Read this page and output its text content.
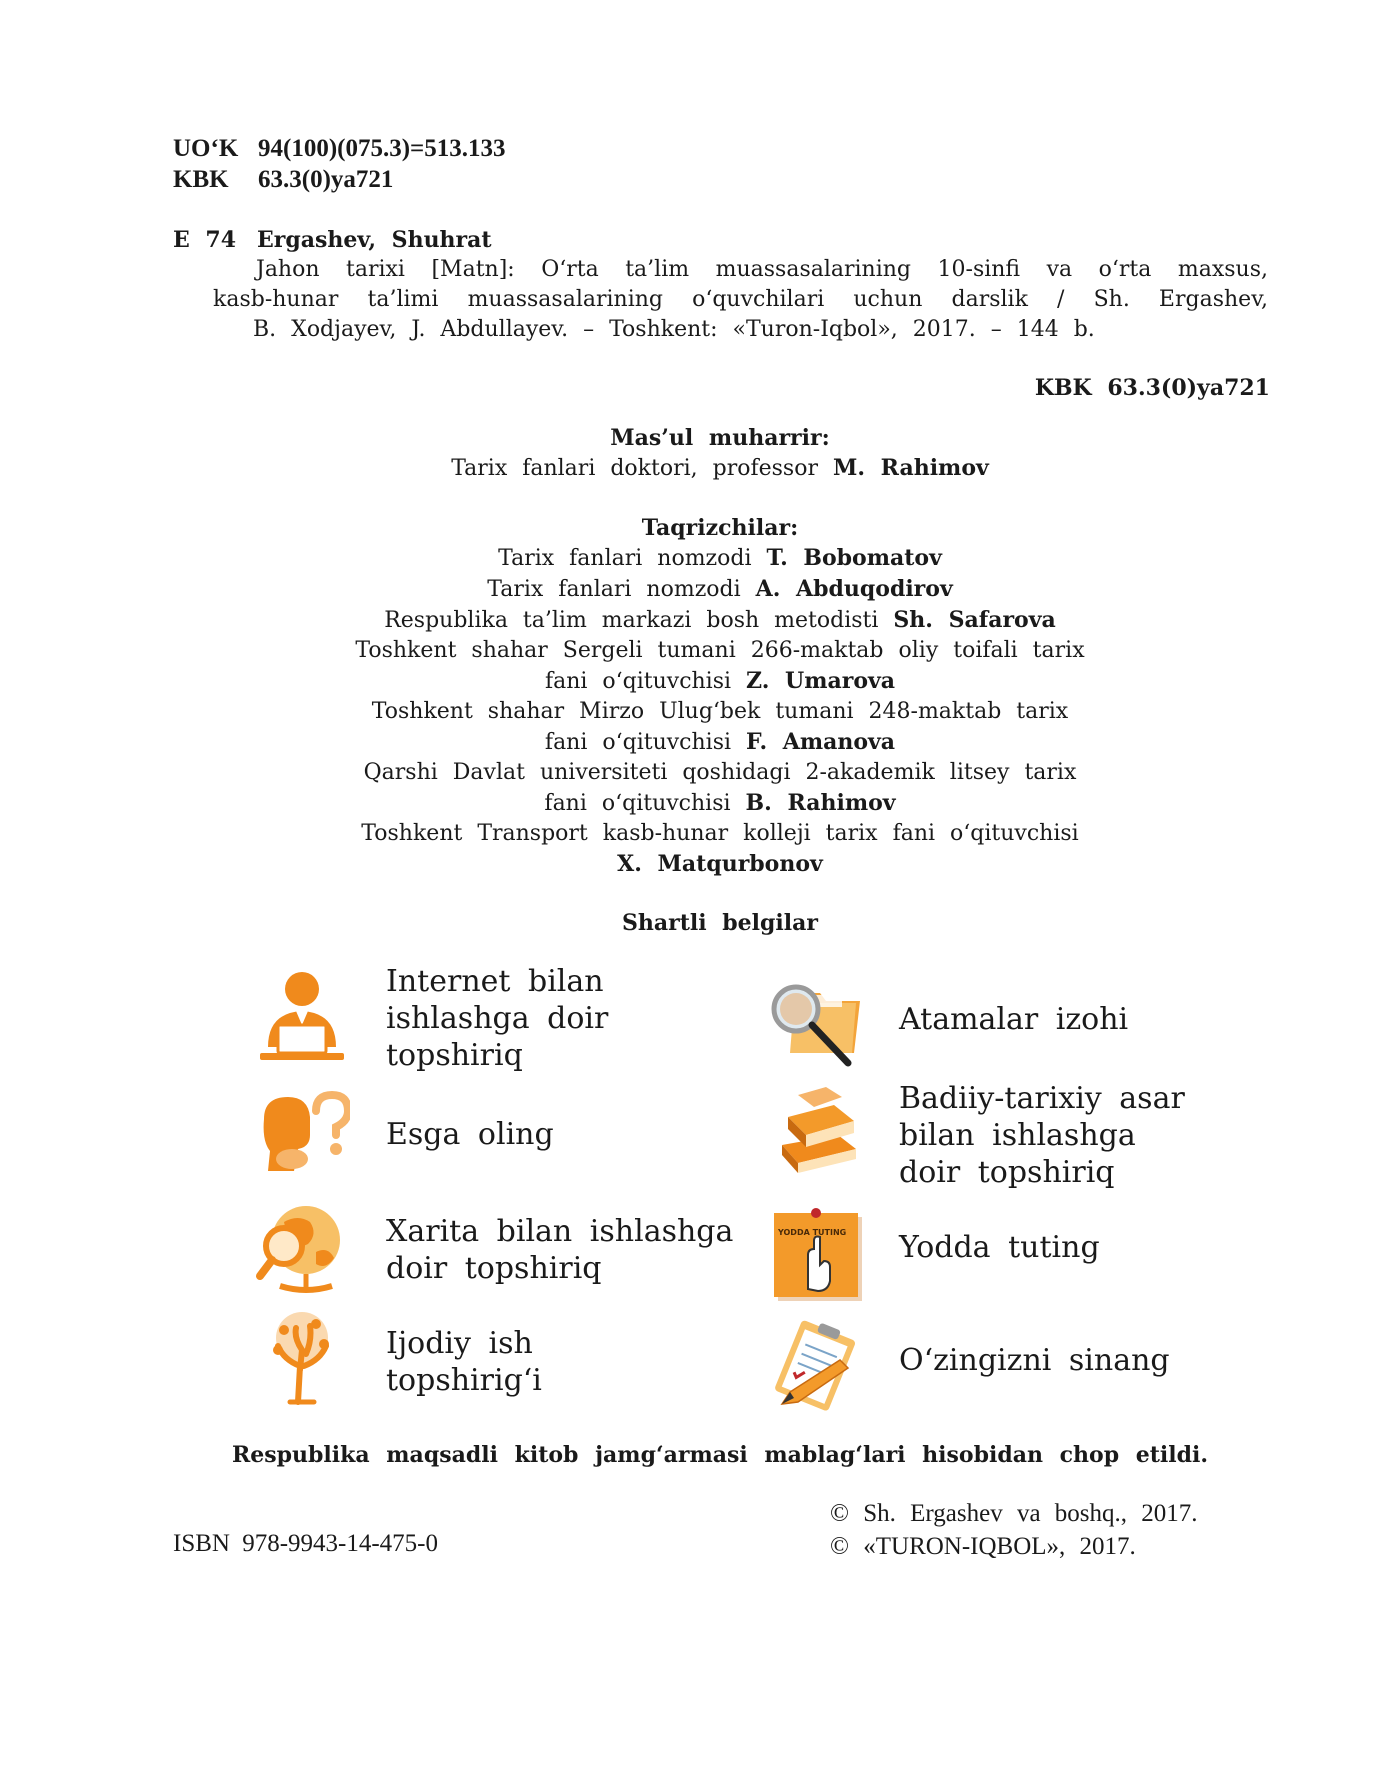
UO‘K 94(100)(075.3)=513.133
KBK 63.3(0)ya721
E 74 Ergashev, Shuhrat
Jahon tarixi [Matn]: O‘rta ta’lim muassasalarining 10-sinfi va o‘rta maxsus,
kasb-hunar ta’limi muassasalarining o‘quvchilari uchun darslik / Sh. Ergashev,
B. Xodjayev, J. Abdullayev. – Toshkent: «Turon-Iqbol», 2017. – 144 b.
KBK 63.3(0)ya721
Mas’ul muharrir:
Tarix fanlari doktori, professor M. Rahimov
Taqrizchilar:
Tarix fanlari nomzodi T. Bobomatov
Tarix fanlari nomzodi A. Abduqodirov
Respublika ta’lim markazi bosh metodisti Sh. Safarova
Toshkent shahar Sergeli tumani 266-maktab oliy toifali tarix
fani o‘qituvchisi Z. Umarova
Toshkent shahar Mirzo Ulug‘bek tumani 248-maktab tarix
fani o‘qituvchisi F. Amanova
Qarshi Davlat universiteti qoshidagi 2-akademik litsey tarix
fani o‘qituvchisi B. Rahimov
Toshkent Transport kasb-hunar kolleji tarix fani o‘qituvchisi
X. Matqurbonov
Shartli belgilar
Internet bilan
ishlashga doir
topshiriq
Atamalar izohi
Esga oling
Badiiy-tarixiy asar
bilan ishlashga
doir topshiriq
Xarita bilan ishlashga
doir topshiriq
YODDA TUTING Yodda tuting
Ijodiy ish
topshirig‘i
O‘zingizni sinang
Respublika maqsadli kitob jamg‘armasi mablag‘lari hisobidan chop etildi.
ISBN 978-9943-14-475-0
© Sh. Ergashev va boshq., 2017.
© «TURON-IQBOL», 2017.
